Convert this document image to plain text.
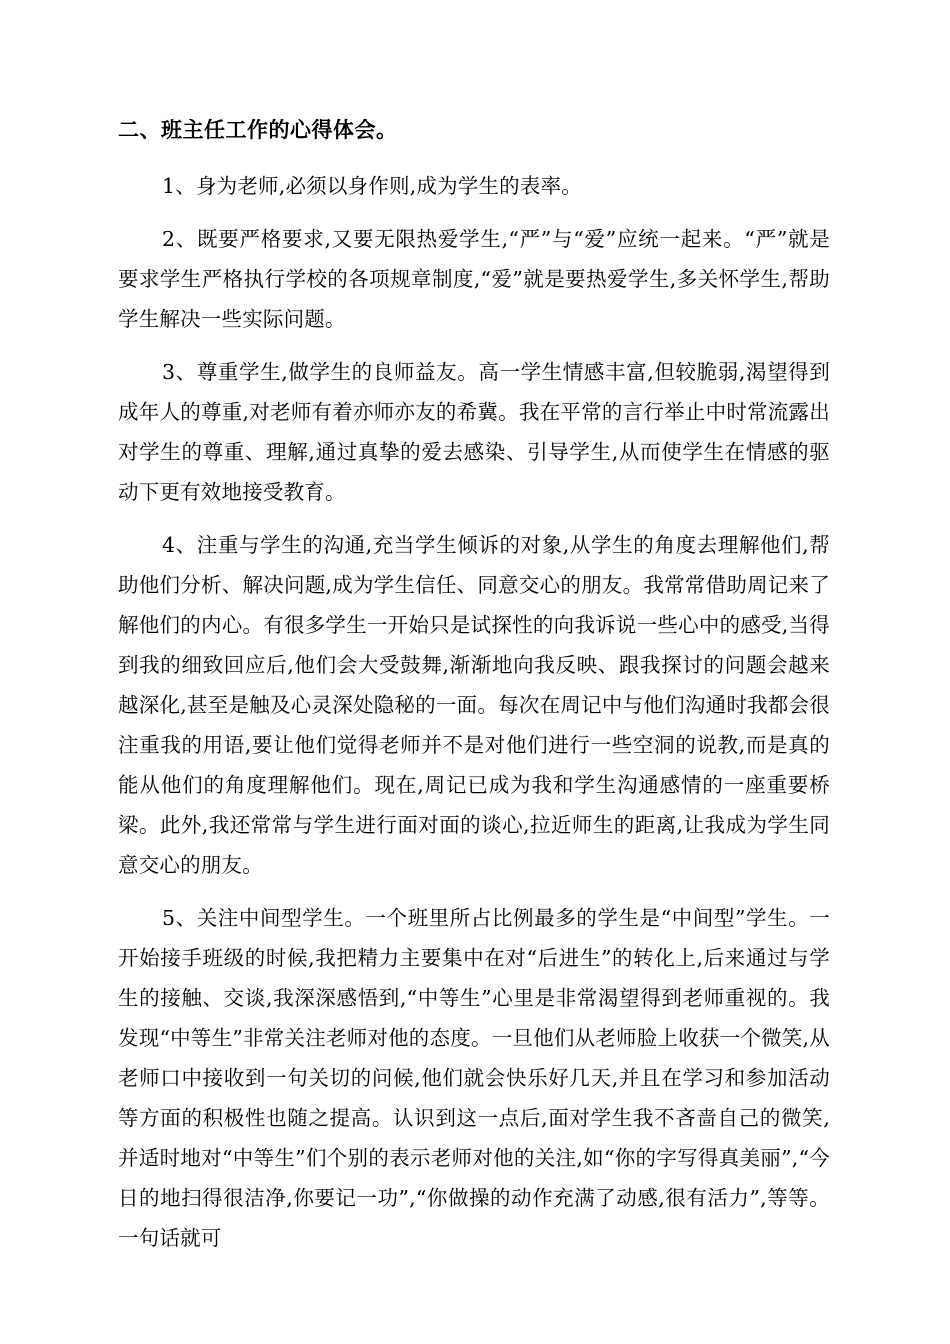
二、班主任工作的心得体会。

1、身为老师,必须以身作则,成为学生的表率。

2、既要严格要求,又要无限热爱学生,“严”与“爱”应统一起来。“严”就是要求学生严格执行学校的各项规章制度,“爱”就是要热爱学生,多关怀学生,帮助学生解决一些实际问题。

3、尊重学生,做学生的良师益友。高一学生情感丰富,但较脆弱,渴望得到成年人的尊重,对老师有着亦师亦友的希冀。我在平常的言行举止中时常流露出对学生的尊重、理解,通过真挚的爱去感染、引导学生,从而使学生在情感的驱动下更有效地接受教育。

4、注重与学生的沟通,充当学生倾诉的对象,从学生的角度去理解他们,帮助他们分析、解决问题,成为学生信任、同意交心的朋友。我常常借助周记来了解他们的内心。有很多学生一开始只是试探性的向我诉说一些心中的感受,当得到我的细致回应后,他们会大受鼓舞,渐渐地向我反映、跟我探讨的问题会越来越深化,甚至是触及心灵深处隐秘的一面。每次在周记中与他们沟通时我都会很注重我的用语,要让他们觉得老师并不是对他们进行一些空洞的说教,而是真的能从他们的角度理解他们。现在,周记已成为我和学生沟通感情的一座重要桥梁。此外,我还常常与学生进行面对面的谈心,拉近师生的距离,让我成为学生同意交心的朋友。

5、关注中间型学生。一个班里所占比例最多的学生是“中间型”学生。一开始接手班级的时候,我把精力主要集中在对“后进生”的转化上,后来通过与学生的接触、交谈,我深深感悟到,“中等生”心里是非常渴望得到老师重视的。我发现“中等生”非常关注老师对他的态度。一旦他们从老师脸上收获一个微笑,从老师口中接收到一句关切的问候,他们就会快乐好几天,并且在学习和参加活动等方面的积极性也随之提高。认识到这一点后,面对学生我不吝啬自己的微笑,并适时地对“中等生”们个别的表示老师对他的关注,如“你的字写得真美丽”,“今日的地扫得很洁净,你要记一功”,“你做操的动作充满了动感,很有活力”,等等。一句话就可
